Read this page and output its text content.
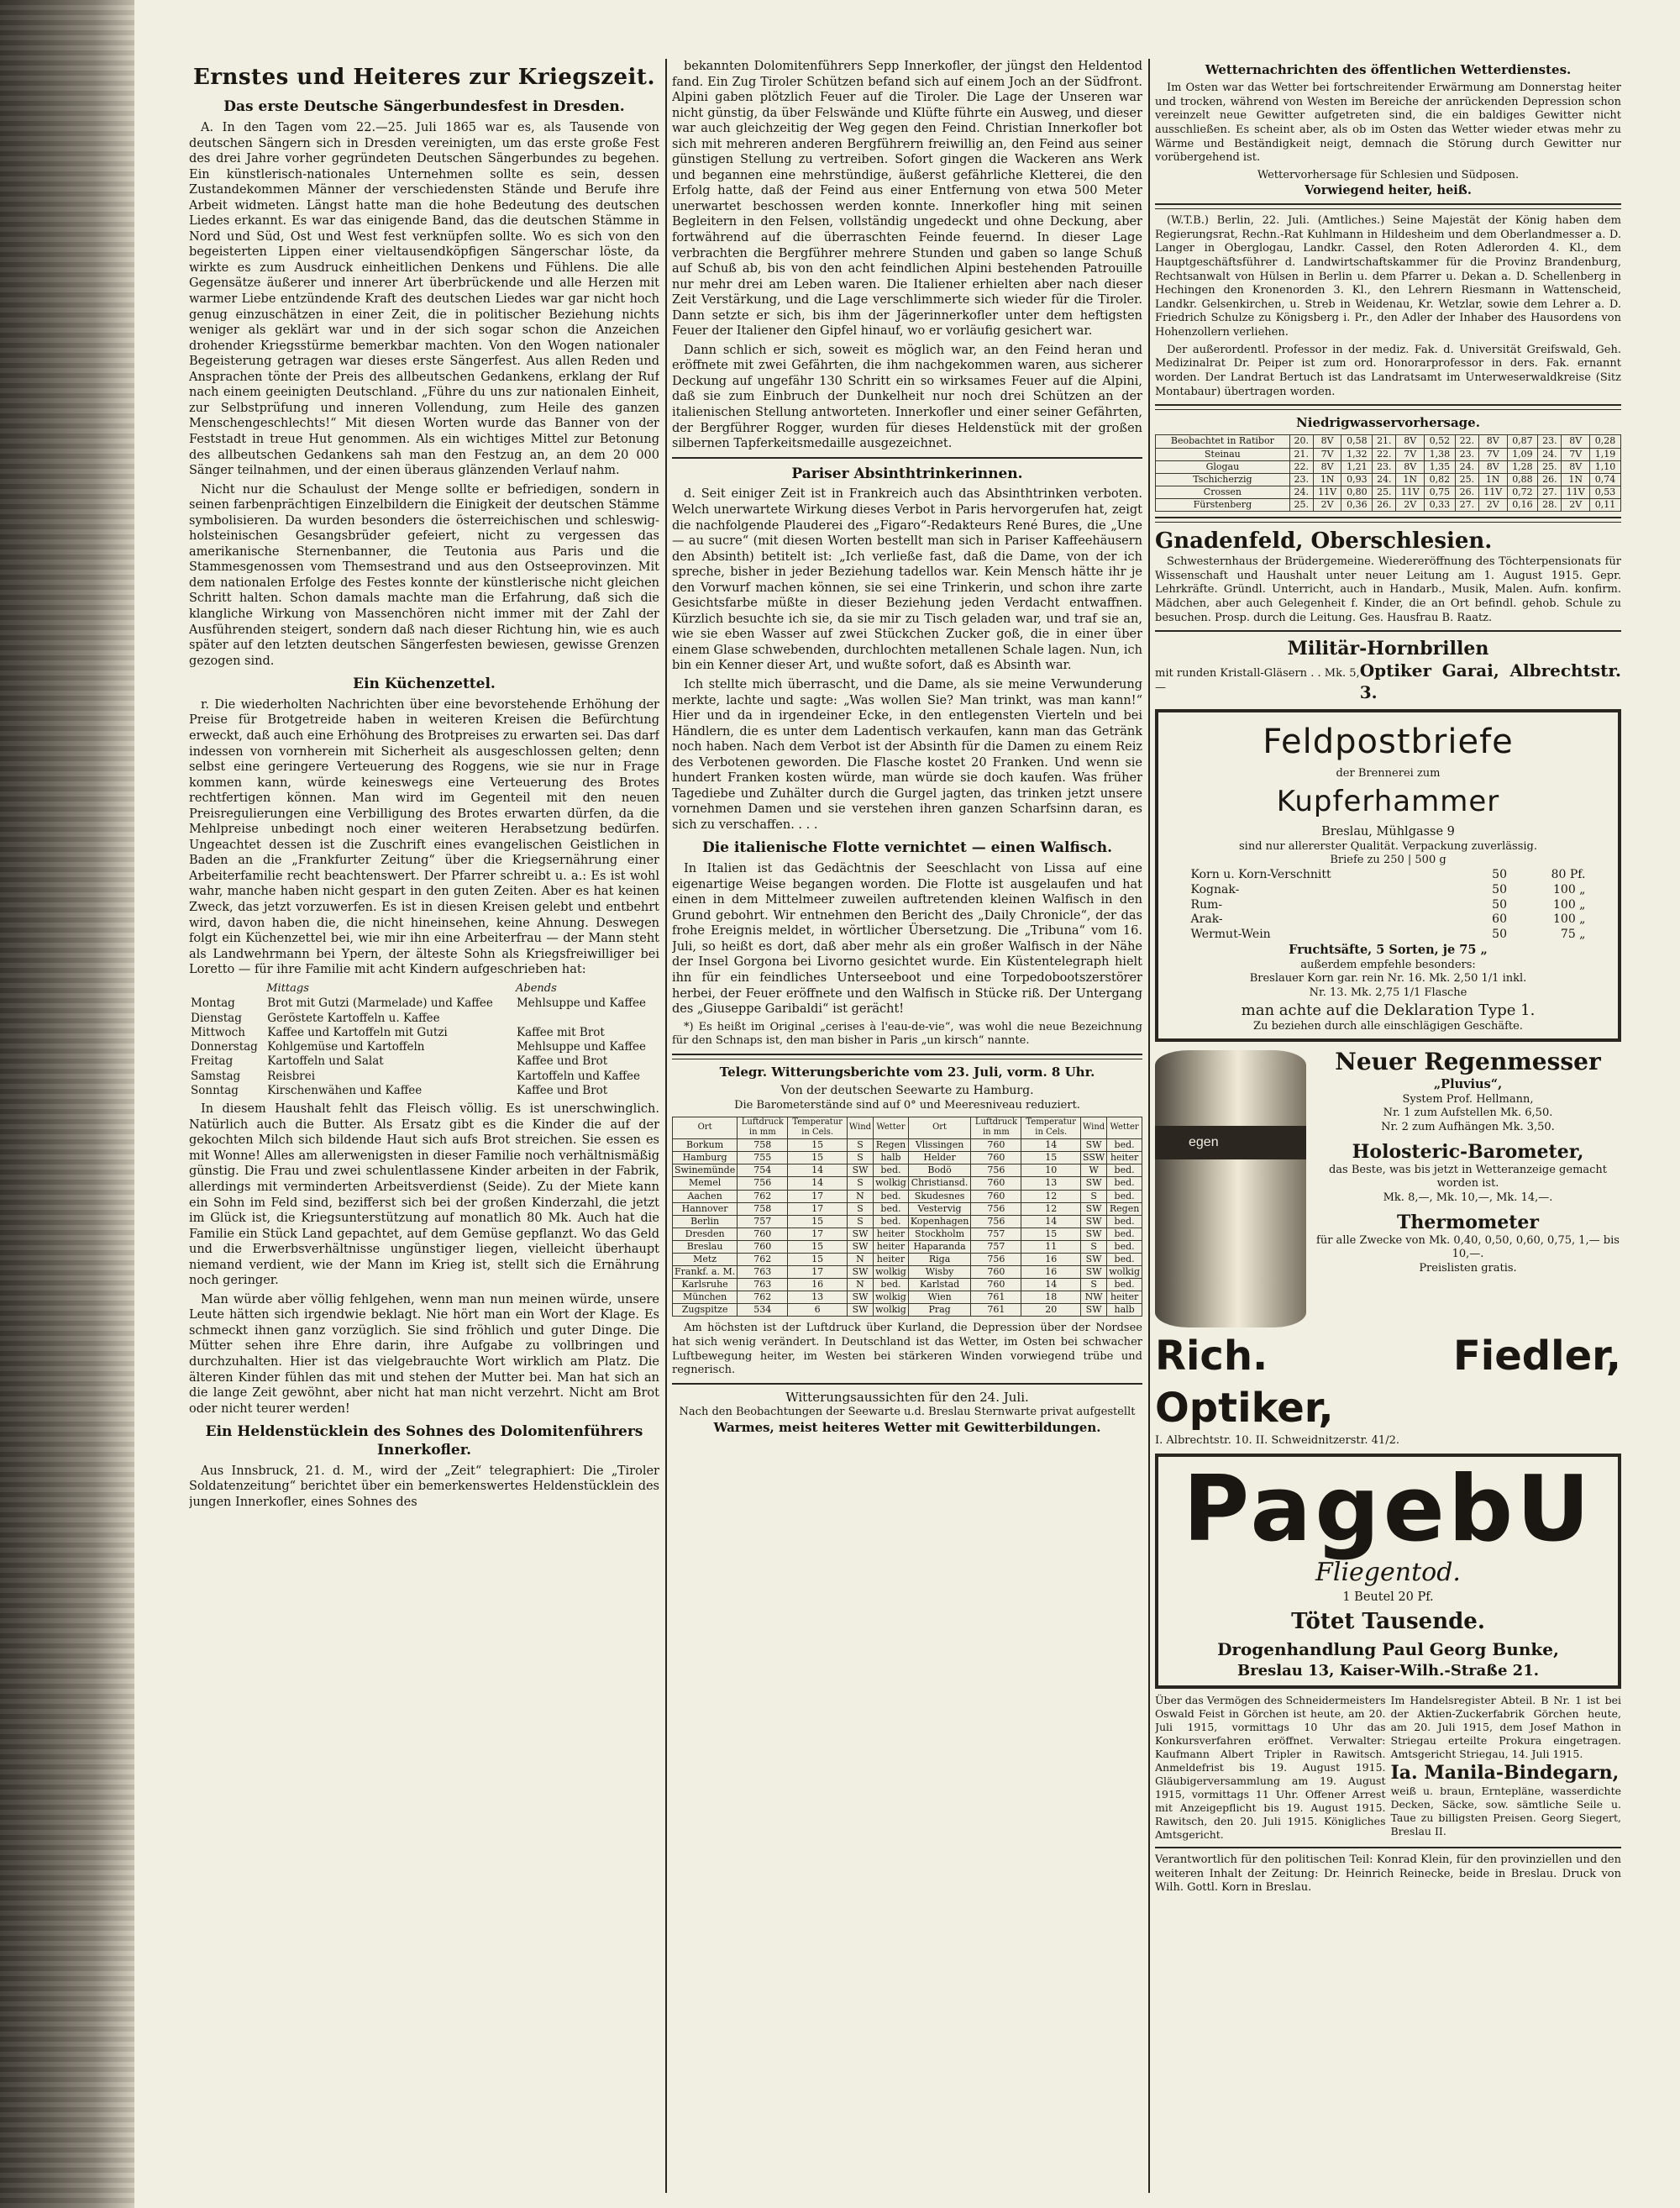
Ernstes und Heiteres zur Kriegszeit.
Das erste Deutsche Sängerbundesfest in Dresden.

A. In den Tagen vom 22.—25. Juli 1865 war es, als Tausende von deutschen Sängern sich in Dresden vereinigten, um das erste große Fest des drei Jahre vorher gegründeten Deutschen Sängerbundes zu begehen. Ein künstlerisch-nationales Unternehmen sollte es sein, dessen Zustandekommen Männer der verschiedensten Stände und Berufe ihre Arbeit widmeten. Längst hatte man die hohe Bedeutung des deutschen Liedes erkannt. Es war das einigende Band, das die deutschen Stämme in Nord und Süd, Ost und West fest verknüpfen sollte. Wo es sich von den begeisterten Lippen einer vieltausendköpfigen Sängerschar löste, da wirkte es zum Ausdruck einheitlichen Denkens und Fühlens. Die alle Gegensätze äußerer und innerer Art überbrückende und alle Herzen mit warmer Liebe entzündende Kraft des deutschen Liedes war gar nicht hoch genug einzuschätzen in einer Zeit, die in politischer Beziehung nichts weniger als geklärt war und in der sich sogar schon die Anzeichen drohender Kriegsstürme bemerkbar machten. Von den Wogen nationaler Begeisterung getragen war dieses erste Sängerfest. Aus allen Reden und Ansprachen tönte der Preis des allbeutschen Gedankens, erklang der Ruf nach einem geeinigten Deutschland. „Führe du uns zur nationalen Einheit, zur Selbstprüfung und inneren Vollendung, zum Heile des ganzen Menschengeschlechts!“ Mit diesen Worten wurde das Banner von der Feststadt in treue Hut genommen. Als ein wichtiges Mittel zur Betonung des allbeutschen Gedankens sah man den Festzug an, an dem 20 000 Sänger teilnahmen, und der einen überaus glänzenden Verlauf nahm.

Nicht nur die Schaulust der Menge sollte er befriedigen, sondern in seinen farbenprächtigen Einzelbildern die Einigkeit der deutschen Stämme symbolisieren. Da wurden besonders die österreichischen und schleswig-holsteinischen Gesangsbrüder gefeiert, nicht zu vergessen das amerikanische Sternenbanner, die Teutonia aus Paris und die Stammesgenossen vom Themsestrand und aus den Ostseeprovinzen. Mit dem nationalen Erfolge des Festes konnte der künstlerische nicht gleichen Schritt halten. Schon damals machte man die Erfahrung, daß sich die klangliche Wirkung von Massenchören nicht immer mit der Zahl der Ausführenden steigert, sondern daß nach dieser Richtung hin, wie es auch später auf den letzten deutschen Sängerfesten bewiesen, gewisse Grenzen gezogen sind.

Ein Küchenzettel.

r. Die wiederholten Nachrichten über eine bevorstehende Erhöhung der Preise für Brotgetreide haben in weiteren Kreisen die Befürchtung erweckt, daß auch eine Erhöhung des Brotpreises zu erwarten sei. Das darf indessen von vornherein mit Sicherheit als ausgeschlossen gelten; denn selbst eine geringere Verteuerung des Roggens, wie sie nur in Frage kommen kann, würde keineswegs eine Verteuerung des Brotes rechtfertigen können. Man wird im Gegenteil mit den neuen Preisregulierungen eine Verbilligung des Brotes erwarten dürfen, da die Mehlpreise unbedingt noch einer weiteren Herabsetzung bedürfen. Ungeachtet dessen ist die Zuschrift eines evangelischen Geistlichen in Baden an die „Frankfurter Zeitung“ über die Kriegsernährung einer Arbeiterfamilie recht beachtenswert. Der Pfarrer schreibt u. a.: Es ist wohl wahr, manche haben nicht gespart in den guten Zeiten. Aber es hat keinen Zweck, das jetzt vorzuwerfen. Es ist in diesen Kreisen gelebt und entbehrt wird, davon haben die, die nicht hineinsehen, keine Ahnung. Deswegen folgt ein Küchenzettel bei, wie mir ihn eine Arbeiterfrau — der Mann steht als Landwehrmann bei Ypern, der älteste Sohn als Kriegsfreiwilliger bei Loretto — für ihre Familie mit acht Kindern aufgeschrieben hat:

	Mittags	Abends
Montag	Brot mit Gutzi (Marmelade) und Kaffee	Mehlsuppe und Kaffee
Dienstag	Geröstete Kartoffeln u. Kaffee	
Mittwoch	Kaffee und Kartoffeln mit Gutzi	Kaffee mit Brot
Donnerstag	Kohlgemüse und Kartoffeln	Mehlsuppe und Kaffee
Freitag	Kartoffeln und Salat	Kaffee und Brot
Samstag	Reisbrei	Kartoffeln und Kaffee
Sonntag	Kirschenwähen und Kaffee	Kaffee und Brot

In diesem Haushalt fehlt das Fleisch völlig. Es ist unerschwinglich. Natürlich auch die Butter. Als Ersatz gibt es die Kinder die auf der gekochten Milch sich bildende Haut sich aufs Brot streichen. Sie essen es mit Wonne! Alles am allerwenigsten in dieser Familie noch verhältnismäßig günstig. Die Frau und zwei schulentlassene Kinder arbeiten in der Fabrik, allerdings mit verminderten Arbeitsverdienst (Seide). Zu der Miete kann ein Sohn im Feld sind, bezifferst sich bei der großen Kinderzahl, die jetzt im Glück ist, die Kriegsunterstützung auf monatlich 80 Mk. Auch hat die Familie ein Stück Land gepachtet, auf dem Gemüse gepflanzt. Wo das Geld und die Erwerbsverhältnisse ungünstiger liegen, vielleicht überhaupt niemand verdient, wie der Mann im Krieg ist, stellt sich die Ernährung noch geringer.

Man würde aber völlig fehlgehen, wenn man nun meinen würde, unsere Leute hätten sich irgendwie beklagt. Nie hört man ein Wort der Klage. Es schmeckt ihnen ganz vorzüglich. Sie sind fröhlich und guter Dinge. Die Mütter sehen ihre Ehre darin, ihre Aufgabe zu vollbringen und durchzuhalten. Hier ist das vielgebrauchte Wort wirklich am Platz. Die älteren Kinder fühlen das mit und stehen der Mutter bei. Man hat sich an die lange Zeit gewöhnt, aber nicht hat man nicht verzehrt. Nicht am Brot oder nicht teurer werden!

Ein Heldenstücklein des Sohnes des Dolomitenführers Innerkofler.

Aus Innsbruck, 21. d. M., wird der „Zeit“ telegraphiert: Die „Tiroler Soldatenzeitung“ berichtet über ein bemerkenswertes Heldenstücklein des jungen Innerkofler, eines Sohnes des

bekannten Dolomitenführers Sepp Innerkofler, der jüngst den Heldentod fand. Ein Zug Tiroler Schützen befand sich auf einem Joch an der Südfront. Alpini gaben plötzlich Feuer auf die Tiroler. Die Lage der Unseren war nicht günstig, da über Felswände und Klüfte führte ein Ausweg, und dieser war auch gleichzeitig der Weg gegen den Feind. Christian Innerkofler bot sich mit mehreren anderen Bergführern freiwillig an, den Feind aus seiner günstigen Stellung zu vertreiben. Sofort gingen die Wackeren ans Werk und begannen eine mehrstündige, äußerst gefährliche Kletterei, die den Erfolg hatte, daß der Feind aus einer Entfernung von etwa 500 Meter unerwartet beschossen werden konnte. Innerkofler hing mit seinen Begleitern in den Felsen, vollständig ungedeckt und ohne Deckung, aber fortwährend auf die überraschten Feinde feuernd. In dieser Lage verbrachten die Bergführer mehrere Stunden und gaben so lange Schuß auf Schuß ab, bis von den acht feindlichen Alpini bestehenden Patrouille nur mehr drei am Leben waren. Die Italiener erhielten aber nach dieser Zeit Verstärkung, und die Lage verschlimmerte sich wieder für die Tiroler. Dann setzte er sich, bis ihm der Jägerinnerkofler unter dem heftigsten Feuer der Italiener den Gipfel hinauf, wo er vorläufig gesichert war.

Dann schlich er sich, soweit es möglich war, an den Feind heran und eröffnete mit zwei Gefährten, die ihm nachgekommen waren, aus sicherer Deckung auf ungefähr 130 Schritt ein so wirksames Feuer auf die Alpini, daß sie zum Einbruch der Dunkelheit nur noch drei Schützen an der italienischen Stellung antworteten. Innerkofler und einer seiner Gefährten, der Bergführer Rogger, wurden für dieses Heldenstück mit der großen silbernen Tapferkeitsmedaille ausgezeichnet.

Pariser Absinthtrinkerinnen.

d. Seit einiger Zeit ist in Frankreich auch das Absinthtrinken verboten. Welch unerwartete Wirkung dieses Verbot in Paris hervorgerufen hat, zeigt die nachfolgende Plauderei des „Figaro“-Redakteurs René Bures, die „Une — au sucre“ (mit diesen Worten bestellt man sich in Pariser Kaffeehäusern den Absinth) betitelt ist: „Ich verließe fast, daß die Dame, von der ich spreche, bisher in jeder Beziehung tadellos war. Kein Mensch hätte ihr je den Vorwurf machen können, sie sei eine Trinkerin, und schon ihre zarte Gesichtsfarbe müßte in dieser Beziehung jeden Verdacht entwaffnen. Kürzlich besuchte ich sie, da sie mir zu Tisch geladen war, und traf sie an, wie sie eben Wasser auf zwei Stückchen Zucker goß, die in einer über einem Glase schwebenden, durchlochten metallenen Schale lagen. Nun, ich bin ein Kenner dieser Art, und wußte sofort, daß es Absinth war.

Ich stellte mich überrascht, und die Dame, als sie meine Verwunderung merkte, lachte und sagte: „Was wollen Sie? Man trinkt, was man kann!“ Hier und da in irgendeiner Ecke, in den entlegensten Vierteln und bei Händlern, die es unter dem Ladentisch verkaufen, kann man das Getränk noch haben. Nach dem Verbot ist der Absinth für die Damen zu einem Reiz des Verbotenen geworden. Die Flasche kostet 20 Franken. Und wenn sie hundert Franken kosten würde, man würde sie doch kaufen. Was früher Tagediebe und Zuhälter durch die Gurgel jagten, das trinken jetzt unsere vornehmen Damen und sie verstehen ihren ganzen Scharfsinn daran, es sich zu verschaffen. . . .

Die italienische Flotte vernichtet — einen Walfisch.

In Italien ist das Gedächtnis der Seeschlacht von Lissa auf eine eigenartige Weise begangen worden. Die Flotte ist ausgelaufen und hat einen in dem Mittelmeer zuweilen auftretenden kleinen Walfisch in den Grund gebohrt. Wir entnehmen den Bericht des „Daily Chronicle“, der das frohe Ereignis meldet, in wörtlicher Übersetzung. Die „Tribuna“ vom 16. Juli, so heißt es dort, daß aber mehr als ein großer Walfisch in der Nähe der Insel Gorgona bei Livorno gesichtet wurde. Ein Küstentelegraph hielt ihn für ein feindliches Unterseeboot und eine Torpedobootszerstörer herbei, der Feuer eröffnete und den Walfisch in Stücke riß. Der Untergang des „Giuseppe Garibaldi“ ist gerächt!

*) Es heißt im Original „cerises à l'eau-de-vie“, was wohl die neue Bezeichnung für den Schnaps ist, den man bisher in Paris „un kirsch“ nannte.

Telegr. Witterungsberichte vom 23. Juli, vorm. 8 Uhr.
Von der deutschen Seewarte zu Hamburg.
Die Barometerstände sind auf 0° und Meeresniveau reduziert.
Ort	Luftdruck in mm	Temperatur in Cels.	Wind	Wetter	Ort	Luftdruck in mm	Temperatur in Cels.	Wind	Wetter
Borkum	758	15	S	Regen	Vlissingen	760	14	SW	bed.
Hamburg	755	15	S	halb	Helder	760	15	SSW	heiter
Swinemünde	754	14	SW	bed.	Bodö	756	10	W	bed.
Memel	756	14	S	wolkig	Christiansd.	760	13	SW	bed.
Aachen	762	17	N	bed.	Skudesnes	760	12	S	bed.
Hannover	758	17	S	bed.	Vestervig	756	12	SW	Regen
Berlin	757	15	S	bed.	Kopenhagen	756	14	SW	bed.
Dresden	760	17	SW	heiter	Stockholm	757	15	SW	bed.
Breslau	760	15	SW	heiter	Haparanda	757	11	S	bed.
Metz	762	15	N	heiter	Riga	756	16	SW	bed.
Frankf. a. M.	763	17	SW	wolkig	Wisby	760	16	SW	wolkig
Karlsruhe	763	16	N	bed.	Karlstad	760	14	S	bed.
München	762	13	SW	wolkig	Wien	761	18	NW	heiter
Zugspitze	534	6	SW	wolkig	Prag	761	20	SW	halb

Am höchsten ist der Luftdruck über Kurland, die Depression über der Nordsee hat sich wenig verändert. In Deutschland ist das Wetter, im Osten bei schwacher Luftbewegung heiter, im Westen bei stärkeren Winden vorwiegend trübe und regnerisch.

Witterungsaussichten für den 24. Juli.
Nach den Beobachtungen der Seewarte u.d. Breslau Sternwarte privat aufgestellt
Warmes, meist heiteres Wetter mit Gewitterbildungen.
Wetternachrichten des öffentlichen Wetterdienstes.

Im Osten war das Wetter bei fortschreitender Erwärmung am Donnerstag heiter und trocken, während von Westen im Bereiche der anrückenden Depression schon vereinzelt neue Gewitter aufgetreten sind, die ein baldiges Gewitter nicht ausschließen. Es scheint aber, als ob im Osten das Wetter wieder etwas mehr zu Wärme und Beständigkeit neigt, demnach die Störung durch Gewitter nur vorübergehend ist.

Wettervorhersage für Schlesien und Südposen.
Vorwiegend heiter, heiß.

(W.T.B.) Berlin, 22. Juli. (Amtliches.) Seine Majestät der König haben dem Regierungsrat, Rechn.-Rat Kuhlmann in Hildesheim und dem Oberlandmesser a. D. Langer in Oberglogau, Landkr. Cassel, den Roten Adlerorden 4. Kl., dem Hauptgeschäftsführer d. Landwirtschaftskammer für die Provinz Brandenburg, Rechtsanwalt von Hülsen in Berlin u. dem Pfarrer u. Dekan a. D. Schellenberg in Hechingen den Kronenorden 3. Kl., den Lehrern Riesmann in Wattenscheid, Landkr. Gelsenkirchen, u. Streb in Weidenau, Kr. Wetzlar, sowie dem Lehrer a. D. Friedrich Schulze zu Königsberg i. Pr., den Adler der Inhaber des Hausordens von Hohenzollern verliehen.

Der außerordentl. Professor in der mediz. Fak. d. Universität Greifswald, Geh. Medizinalrat Dr. Peiper ist zum ord. Honorarprofessor in ders. Fak. ernannt worden. Der Landrat Bertuch ist das Landratsamt im Unterweserwaldkreise (Sitz Montabaur) übertragen worden.

Niedrigwasservorhersage.
Beobachtet in Ratibor	20.	8V	0,58	21.	8V	0,52	22.	8V	0,87	23.	8V	0,28
Steinau	21.	7V	1,32	22.	7V	1,38	23.	7V	1,09	24.	7V	1,19
Glogau	22.	8V	1,21	23.	8V	1,35	24.	8V	1,28	25.	8V	1,10
Tschicherzig	23.	1N	0,93	24.	1N	0,82	25.	1N	0,88	26.	1N	0,74
Crossen	24.	11V	0,80	25.	11V	0,75	26.	11V	0,72	27.	11V	0,53
Fürstenberg	25.	2V	0,36	26.	2V	0,33	27.	2V	0,16	28.	2V	0,11
Gnadenfeld, Oberschlesien.

Schwesternhaus der Brüdergemeine. Wiedereröffnung des Töchterpensionats für Wissenschaft und Haushalt unter neuer Leitung am 1. August 1915. Gepr. Lehrkräfte. Gründl. Unterricht, auch in Handarb., Musik, Malen. Aufn. konfirm. Mädchen, aber auch Gelegenheit f. Kinder, die an Ort befindl. gehob. Schule zu besuchen. Prosp. durch die Leitung. Ges. Hausfrau B. Raatz.

Militär-Hornbrillen
mit runden Kristall-Gläsern . . Mk. 5,—
Optiker Garai, Albrechtstr. 3.
Feldpostbriefe
der Brennerei zum
Kupferhammer
Breslau, Mühlgasse 9
sind nur allererster Qualität. Verpackung zuverlässig.
Briefe zu 250 | 500 g
Korn u. Korn-Verschnitt	50	80 Pf.
Kognak-	50	100 „
Rum-	50	100 „
Arak-	60	100 „
Wermut-Wein	50	75 „
Fruchtsäfte, 5 Sorten, je 75 „
außerdem empfehle besonders:
Breslauer Korn gar. rein Nr. 16. Mk. 2,50 1/1 inkl.
Nr. 13. Mk. 2,75 1/1 Flasche
man achte auf die Deklaration Type 1.
Zu beziehen durch alle einschlägigen Geschäfte.
egen
Neuer Regenmesser
„Pluvius“,
System Prof. Hellmann,
Nr. 1 zum Aufstellen Mk. 6,50.
Nr. 2 zum Aufhängen Mk. 3,50.
Holosteric-Barometer,
das Beste, was bis jetzt in Wetteranzeige gemacht worden ist.
Mk. 8,—, Mk. 10,—, Mk. 14,—.
Thermometer
für alle Zwecke von Mk. 0,40, 0,50, 0,60, 0,75, 1,— bis 10,—.
Preislisten gratis.
Rich. Fiedler, Optiker,
I. Albrechtstr. 10. II. Schweidnitzerstr. 41/2.
PagebU
Fliegentod.
1 Beutel 20 Pf.
Tötet Tausende.
Drogenhandlung Paul Georg Bunke,
Breslau 13, Kaiser-Wilh.-Straße 21.
Über das Vermögen des Schneidermeisters Oswald Feist in Görchen ist heute, am 20. Juli 1915, vormittags 10 Uhr das Konkursverfahren eröffnet. Verwalter: Kaufmann Albert Tripler in Rawitsch. Anmeldefrist bis 19. August 1915. Gläubigerversammlung am 19. August 1915, vormittags 11 Uhr. Offener Arrest mit Anzeigepflicht bis 19. August 1915. Rawitsch, den 20. Juli 1915. Königliches Amtsgericht.
Im Handelsregister Abteil. B Nr. 1 ist bei der Aktien-Zuckerfabrik Görchen heute, am 20. Juli 1915, dem Josef Mathon in Striegau erteilte Prokura eingetragen. Amtsgericht Striegau, 14. Juli 1915.
Ia. Manila-Bindegarn,
weiß u. braun, Erntepläne, wasserdichte Decken, Säcke, sow. sämtliche Seile u. Taue zu billigsten Preisen. Georg Siegert, Breslau II.
Verantwortlich für den politischen Teil: Konrad Klein, für den provinziellen und den weiteren Inhalt der Zeitung: Dr. Heinrich Reinecke, beide in Breslau. Druck von Wilh. Gottl. Korn in Breslau.
